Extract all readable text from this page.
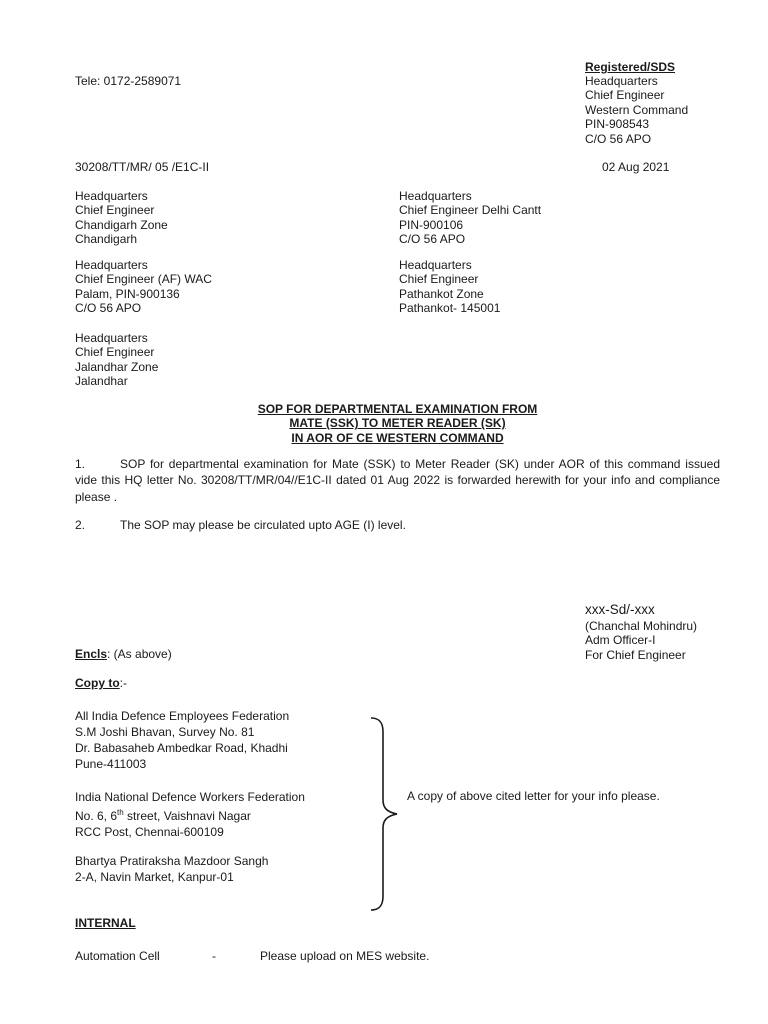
Registered/SDS
Tele: 0172-2589071	Headquarters
Chief Engineer
Western Command
PIN-908543
C/O 56 APO
30208/TT/MR/ 05 /E1C-II	02 Aug 2021
Headquarters
Chief Engineer
Chandigarh Zone
Chandigarh
Headquarters
Chief Engineer Delhi Cantt
PIN-900106
C/O 56 APO
Headquarters
Chief Engineer (AF) WAC
Palam, PIN-900136
C/O 56 APO
Headquarters
Chief Engineer
Pathankot Zone
Pathankot- 145001
Headquarters
Chief Engineer
Jalandhar Zone
Jalandhar
SOP FOR DEPARTMENTAL EXAMINATION FROM
MATE (SSK) TO METER READER (SK)
IN AOR OF CE WESTERN COMMAND
1.	SOP for departmental examination for Mate (SSK) to Meter Reader (SK) under AOR of this command issued vide this HQ letter No. 30208/TT/MR/04//E1C-II dated 01 Aug 2022 is forwarded herewith for your info and compliance please .
2.	The SOP may please be circulated upto AGE (I) level.
xxx-Sd/-xxx
(Chanchal Mohindru)
Adm Officer-I
For Chief Engineer
Encls: (As above)
Copy to:-
All India Defence Employees Federation
S.M Joshi Bhavan, Survey No. 81
Dr. Babasaheb Ambedkar Road, Khadhi
Pune-411003
India National Defence Workers Federation
No. 6, 6th street, Vaishnavi Nagar
RCC Post, Chennai-600109
Bhartya Pratiraksha Mazdoor Sangh
2-A, Navin Market, Kanpur-01
A copy of above cited letter for your info please.
INTERNAL
Automation Cell	-	Please upload on MES website.
